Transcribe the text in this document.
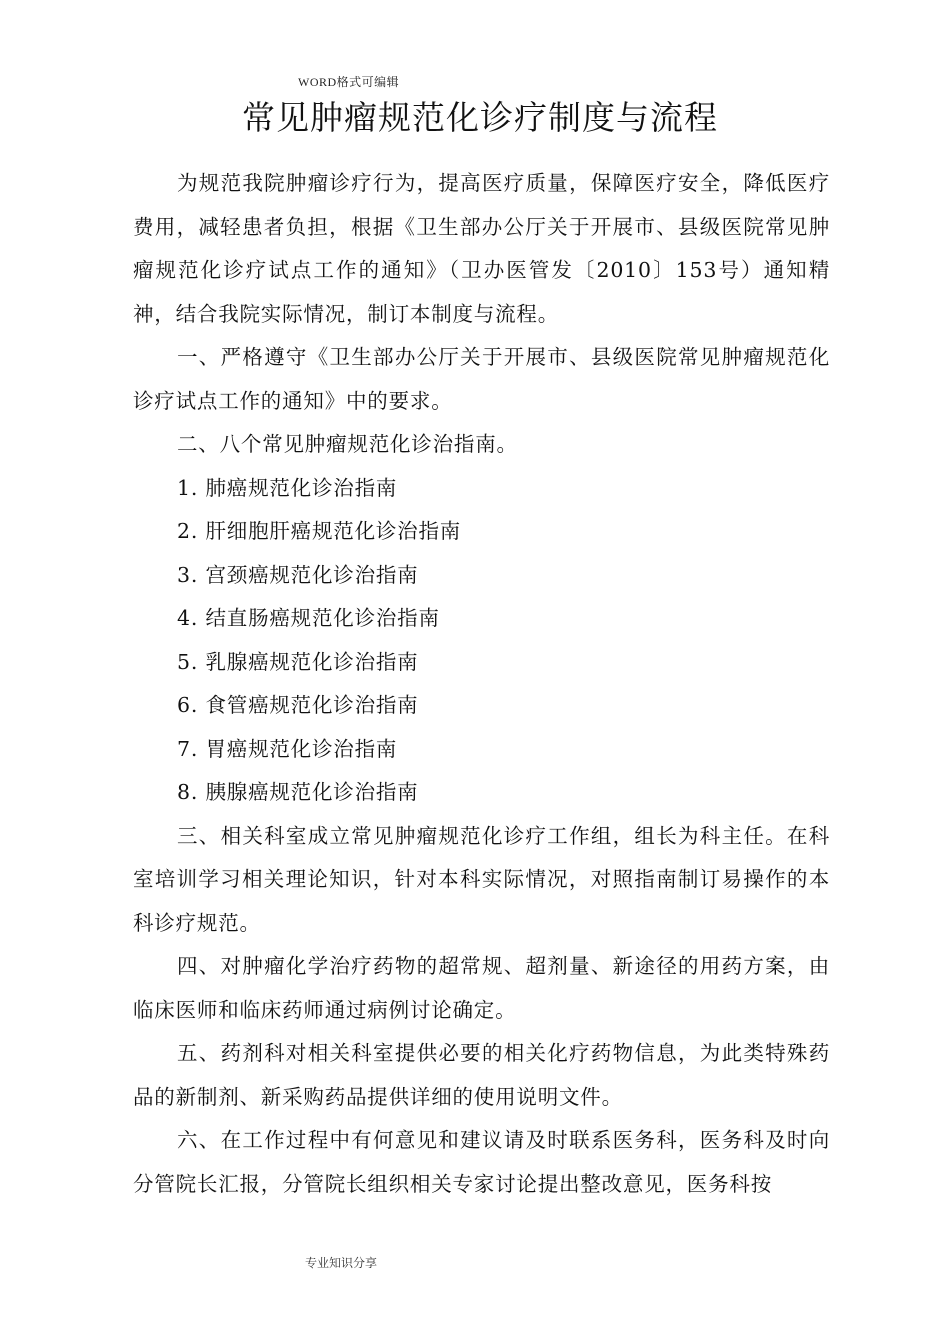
WORD格式可编辑
常见肿瘤规范化诊疗制度与流程

为规范我院肿瘤诊疗行为，提高医疗质量，保障医疗安全，降低医疗费用，减轻患者负担，根据《卫生部办公厅关于开展市、县级医院常见肿瘤规范化诊疗试点工作的通知》（卫办医管发〔2010〕153号）通知精神，结合我院实际情况，制订本制度与流程。

一、严格遵守《卫生部办公厅关于开展市、县级医院常见肿瘤规范化诊疗试点工作的通知》中的要求。

二、八个常见肿瘤规范化诊治指南。

1. 肺癌规范化诊治指南

2. 肝细胞肝癌规范化诊治指南

3. 宫颈癌规范化诊治指南

4. 结直肠癌规范化诊治指南

5. 乳腺癌规范化诊治指南

6. 食管癌规范化诊治指南

7. 胃癌规范化诊治指南

8. 胰腺癌规范化诊治指南

三、相关科室成立常见肿瘤规范化诊疗工作组，组长为科主任。在科室培训学习相关理论知识，针对本科实际情况，对照指南制订易操作的本科诊疗规范。

四、对肿瘤化学治疗药物的超常规、超剂量、新途径的用药方案，由临床医师和临床药师通过病例讨论确定。

五、药剂科对相关科室提供必要的相关化疗药物信息，为此类特殊药品的新制剂、新采购药品提供详细的使用说明文件。

六、在工作过程中有何意见和建议请及时联系医务科，医务科及时向分管院长汇报，分管院长组织相关专家讨论提出整改意见，医务科按

专业知识分享
